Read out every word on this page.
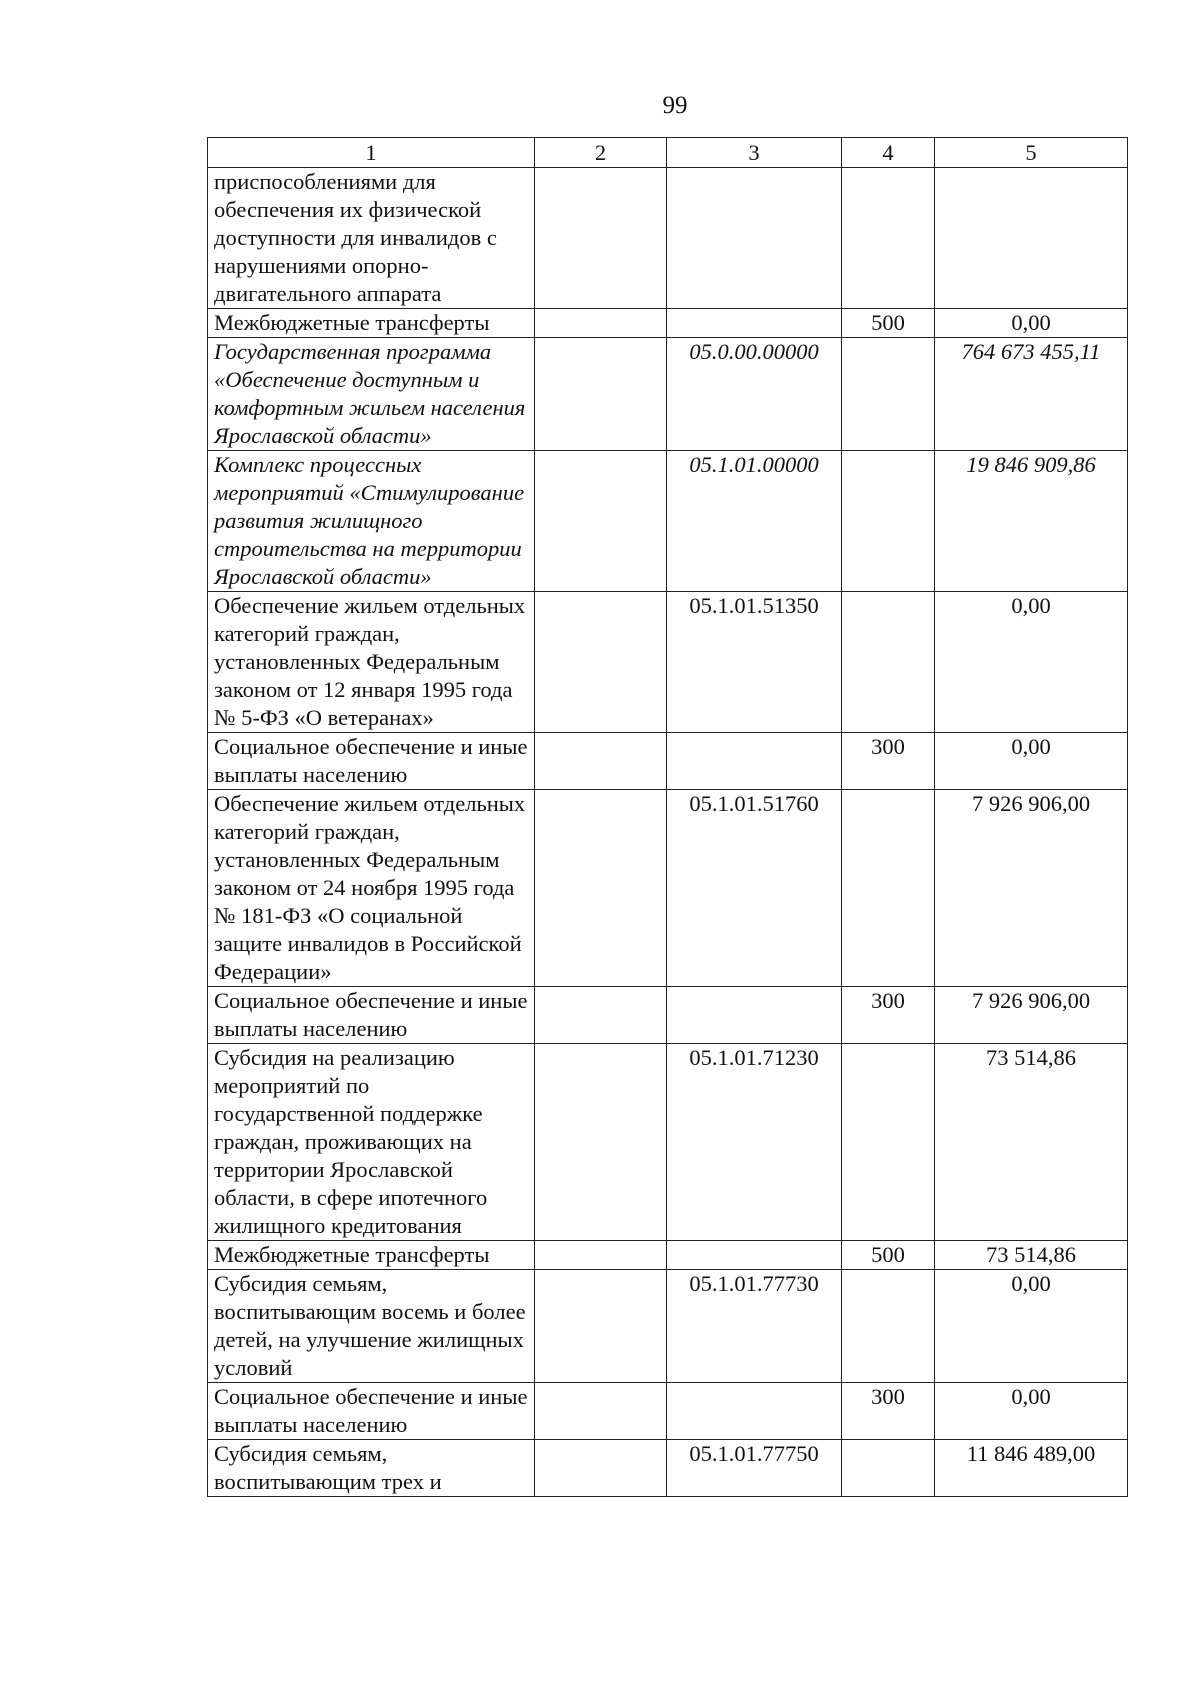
99
1	2	3	4	5
приспособлениями для обеспечения их физической доступности для инвалидов с нарушениями опорно-двигательного аппарата				
Межбюджетные трансферты			500	0,00
Государственная программа «Обеспечение доступным и комфортным жильем населения Ярославской области»		05.0.00.00000		764 673 455,11
Комплекс процессных мероприятий «Стимулирование развития жилищного строительства на территории Ярославской области»		05.1.01.00000		19 846 909,86
Обеспечение жильем отдельных категорий граждан, установленных Федеральным законом от 12 января 1995 года № 5-ФЗ «О ветеранах»		05.1.01.51350		0,00
Социальное обеспечение и иные выплаты населению			300	0,00
Обеспечение жильем отдельных категорий граждан, установленных Федеральным законом от 24 ноября 1995 года № 181-ФЗ «О социальной защите инвалидов в Российской Федерации»		05.1.01.51760		7 926 906,00
Социальное обеспечение и иные выплаты населению			300	7 926 906,00
Субсидия на реализацию мероприятий по государственной поддержке граждан, проживающих на территории Ярославской области, в сфере ипотечного жилищного кредитования		05.1.01.71230		73 514,86
Межбюджетные трансферты			500	73 514,86
Субсидия семьям, воспитывающим восемь и более детей, на улучшение жилищных условий		05.1.01.77730		0,00
Социальное обеспечение и иные выплаты населению			300	0,00
Субсидия семьям, воспитывающим трех и		05.1.01.77750		11 846 489,00
